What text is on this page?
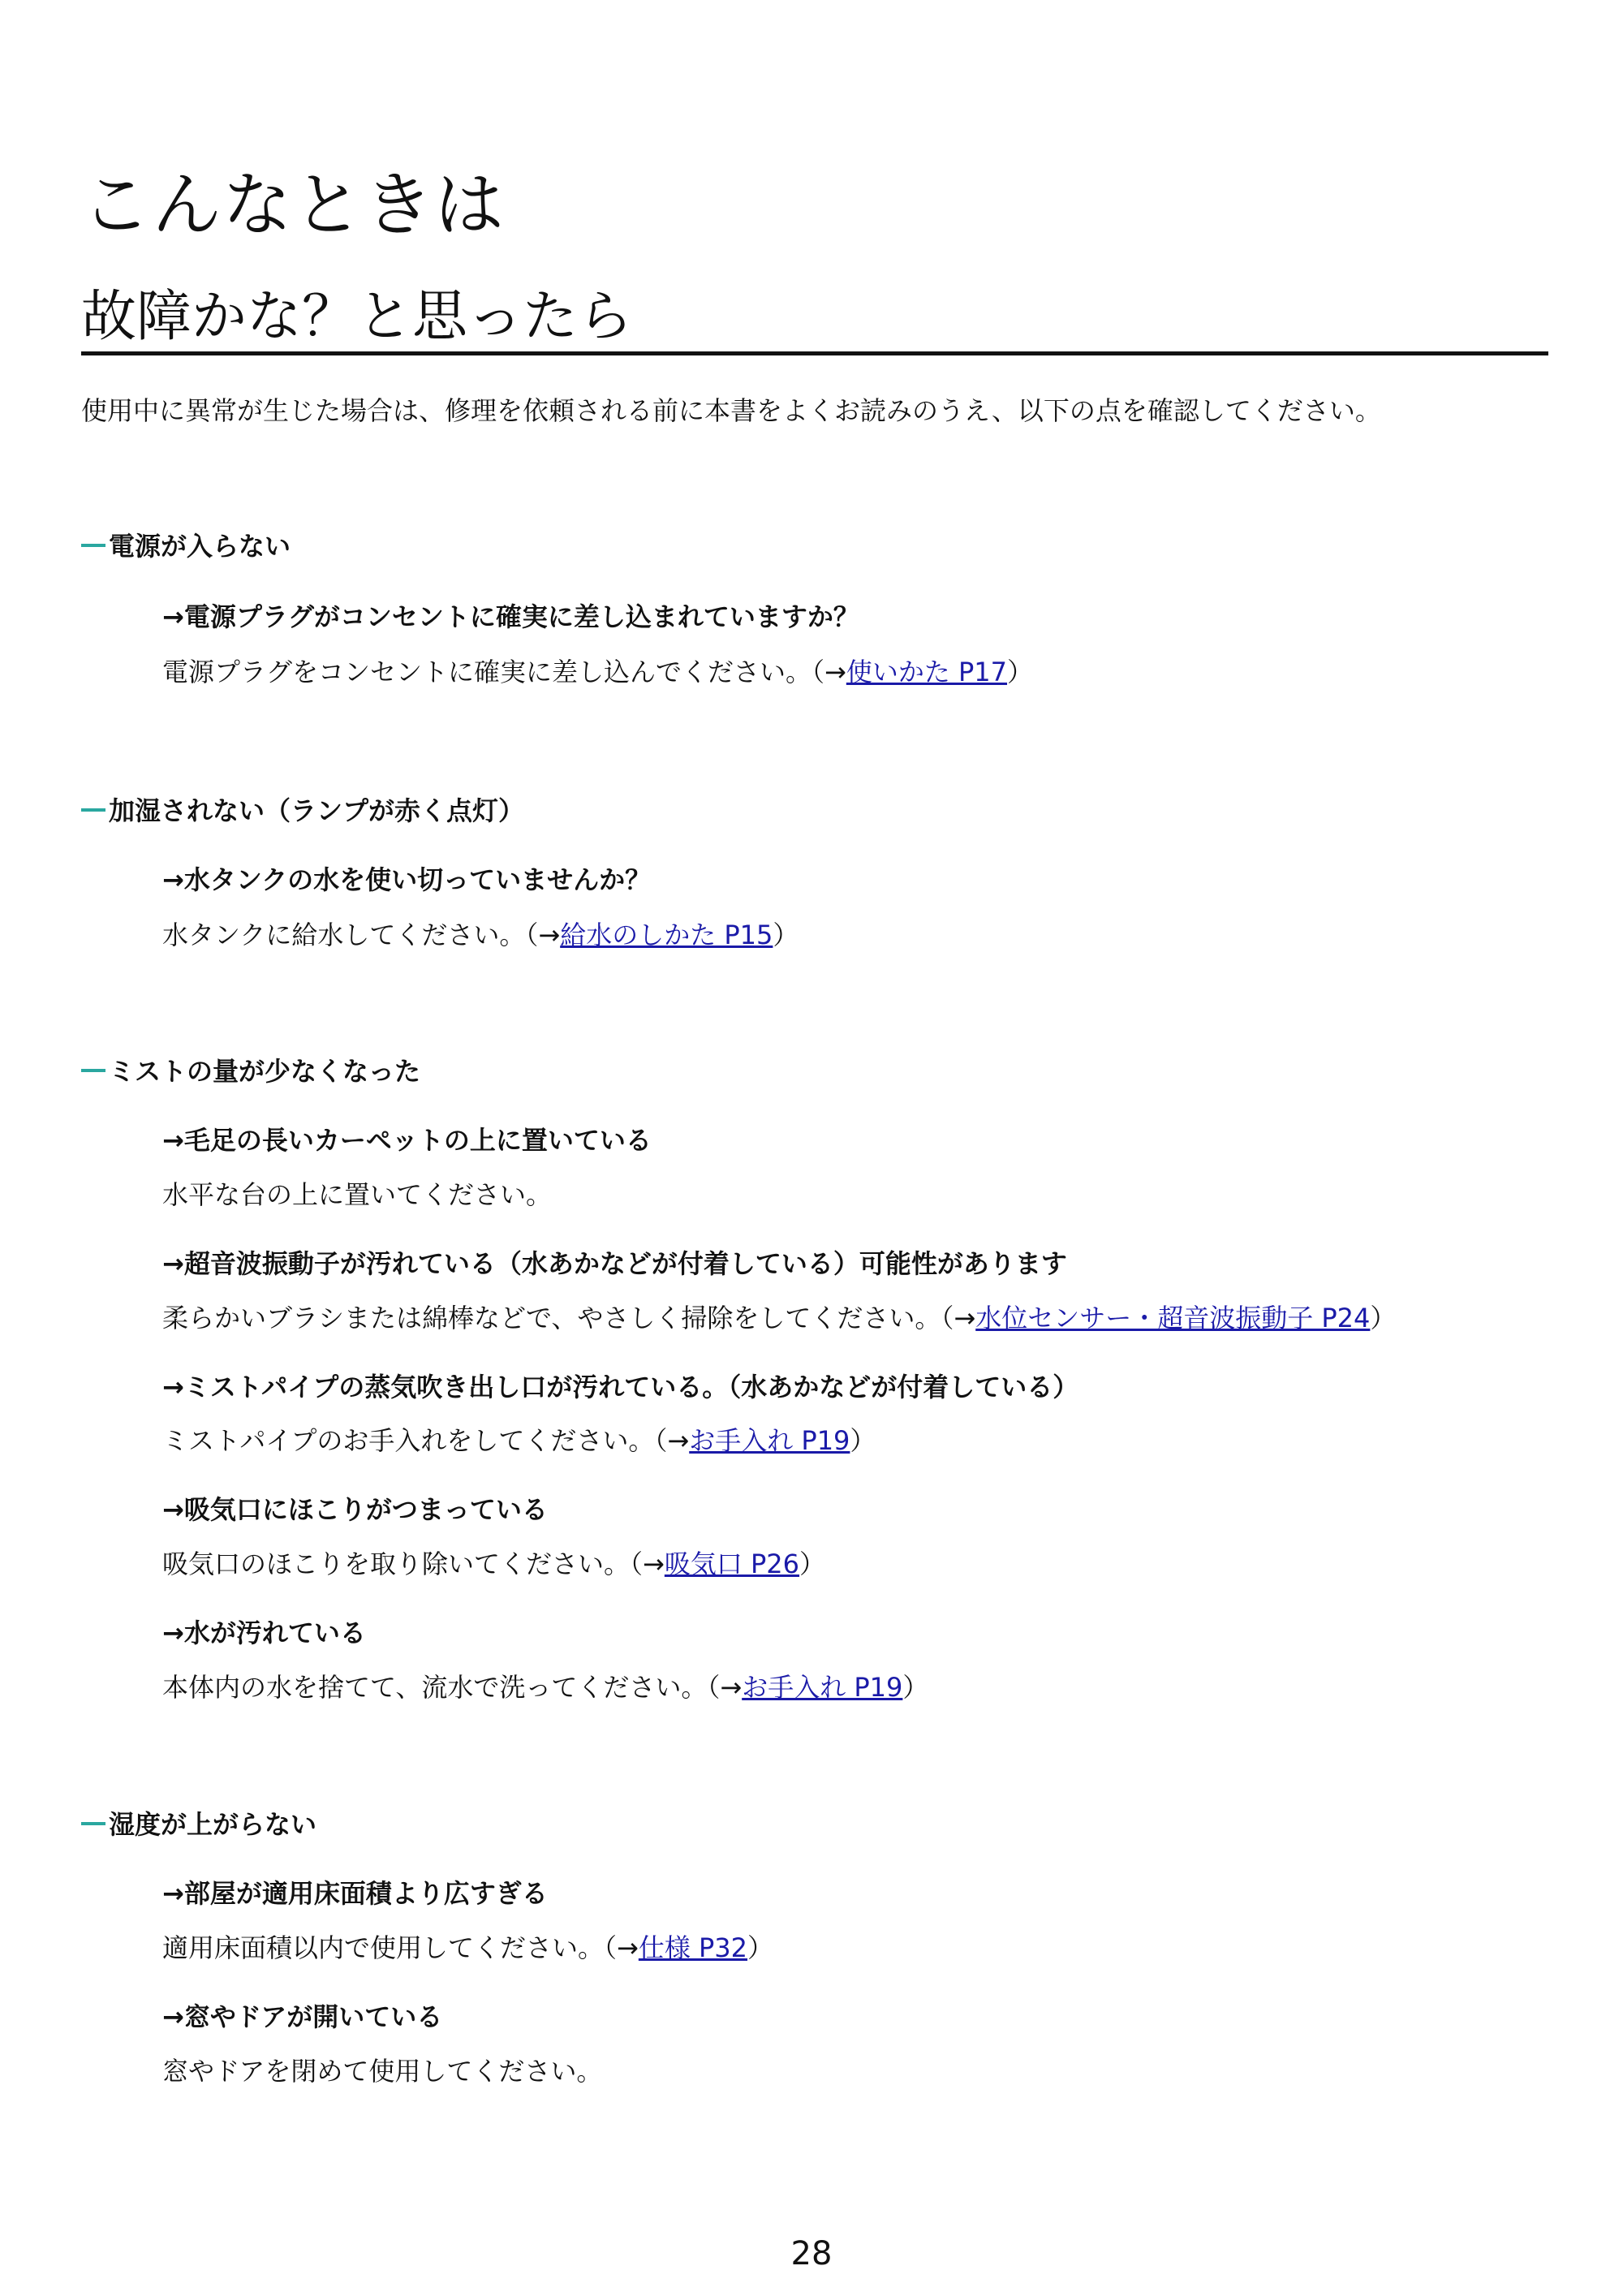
こんなときは
故障かな？と思ったら

使用中に異常が生じた場合は、修理を依頼される前に本書をよくお読みのうえ、以下の点を確認してください。

電源が入らない
→電源プラグがコンセントに確実に差し込まれていますか？
電源プラグをコンセントに確実に差し込んでください。（→使いかた P17）
加湿されない（ランプが赤く点灯）
→水タンクの水を使い切っていませんか？
水タンクに給水してください。（→給水のしかた P15）
ミストの量が少なくなった
→毛足の長いカーペットの上に置いている
水平な台の上に置いてください。
→超音波振動子が汚れている（水あかなどが付着している）可能性があります
柔らかいブラシまたは綿棒などで、やさしく掃除をしてください。（→水位センサー・超音波振動子 P24）
→ミストパイプの蒸気吹き出し口が汚れている。（水あかなどが付着している）
ミストパイプのお手入れをしてください。（→お手入れ P19）
→吸気口にほこりがつまっている
吸気口のほこりを取り除いてください。（→吸気口 P26）
→水が汚れている
本体内の水を捨てて、流水で洗ってください。（→お手入れ P19）
湿度が上がらない
→部屋が適用床面積より広すぎる
適用床面積以内で使用してください。（→仕様 P32）
→窓やドアが開いている
窓やドアを閉めて使用してください。

28
